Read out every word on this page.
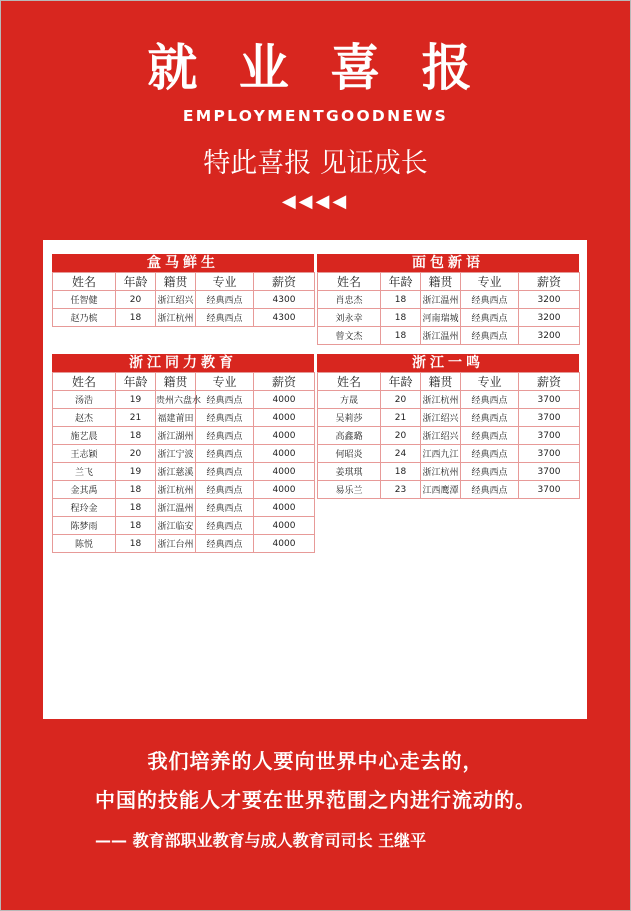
就 业 喜 报
EMPLOYMENTGOODNEWS
特此喜报 见证成长
◀◀◀◀
盒马鲜生
姓名	年龄	籍贯	专业	薪资
任智健	20	浙江绍兴	经典西点	4300
赵乃槟	18	浙江杭州	经典西点	4300
面包新语
姓名	年龄	籍贯	专业	薪资
肖忠杰	18	浙江温州	经典西点	3200
刘永幸	18	河南瑞城	经典西点	3200
曾文杰	18	浙江温州	经典西点	3200
浙江同力教育
姓名	年龄	籍贯	专业	薪资
汤浩	19	贵州六盘水	经典西点	4000
赵杰	21	福建莆田	经典西点	4000
施艺晨	18	浙江湖州	经典西点	4000
王志颖	20	浙江宁波	经典西点	4000
兰飞	19	浙江慈溪	经典西点	4000
金其禹	18	浙江杭州	经典西点	4000
程玲金	18	浙江温州	经典西点	4000
陈梦雨	18	浙江临安	经典西点	4000
陈悦	18	浙江台州	经典西点	4000
浙江一鸣
姓名	年龄	籍贯	专业	薪资
方晟	20	浙江杭州	经典西点	3700
吴莉莎	21	浙江绍兴	经典西点	3700
高鑫璐	20	浙江绍兴	经典西点	3700
何昭炎	24	江西九江	经典西点	3700
姜琪琪	18	浙江杭州	经典西点	3700
易乐兰	23	江西鹰潭	经典西点	3700
我们培养的人要向世界中心走去的，
中国的技能人才要在世界范围之内进行流动的。
—— 教育部职业教育与成人教育司司长 王继平
